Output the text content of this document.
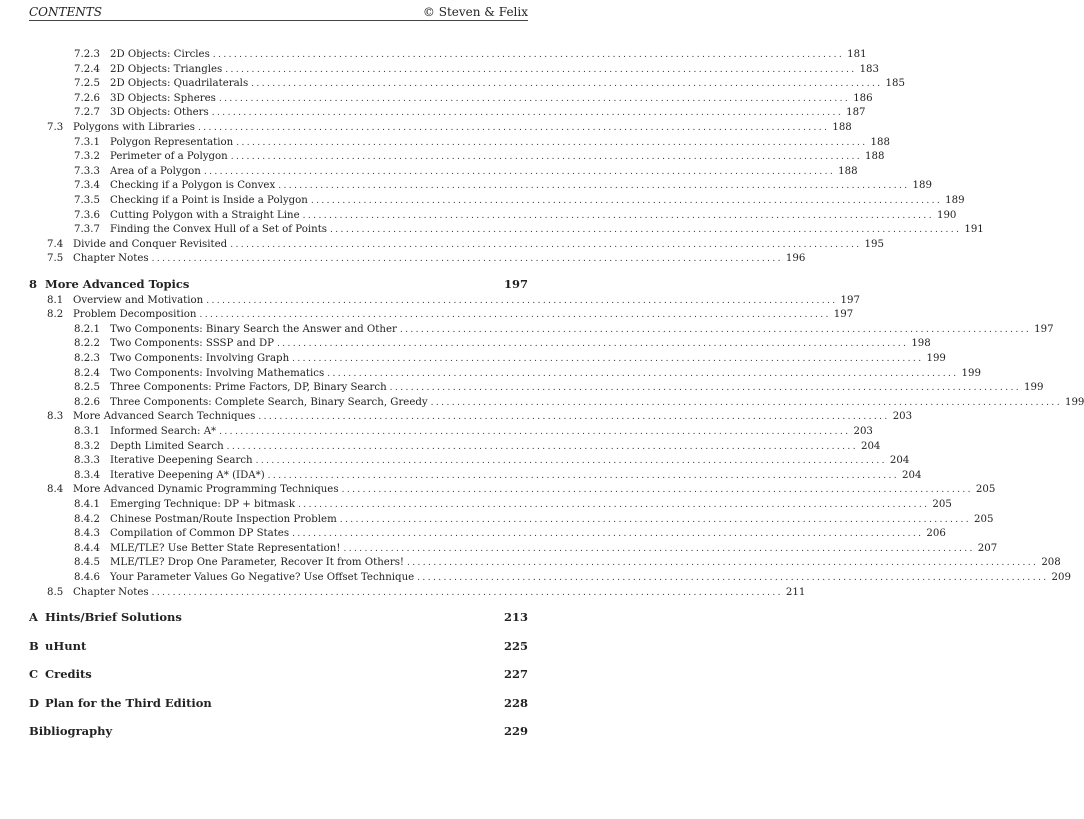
CONTENTS	© Steven & Felix
7.2.3 2D Objects: Circles ........................................................................................................................ 181
7.2.4 2D Objects: Triangles ........................................................................................................................ 183
7.2.5 2D Objects: Quadrilaterals ........................................................................................................................ 185
7.2.6 3D Objects: Spheres ........................................................................................................................ 186
7.2.7 3D Objects: Others ........................................................................................................................ 187
7.3 Polygons with Libraries ........................................................................................................................ 188
7.3.1 Polygon Representation ........................................................................................................................ 188
7.3.2 Perimeter of a Polygon ........................................................................................................................ 188
7.3.3 Area of a Polygon ........................................................................................................................ 188
7.3.4 Checking if a Polygon is Convex ........................................................................................................................ 189
7.3.5 Checking if a Point is Inside a Polygon ........................................................................................................................ 189
7.3.6 Cutting Polygon with a Straight Line ........................................................................................................................ 190
7.3.7 Finding the Convex Hull of a Set of Points ........................................................................................................................ 191
7.4 Divide and Conquer Revisited ........................................................................................................................ 195
7.5 Chapter Notes ........................................................................................................................ 196
8 More Advanced Topics	197
8.1 Overview and Motivation ........................................................................................................................ 197
8.2 Problem Decomposition ........................................................................................................................ 197
8.2.1 Two Components: Binary Search the Answer and Other ........................................................................................................................ 197
8.2.2 Two Components: SSSP and DP ........................................................................................................................ 198
8.2.3 Two Components: Involving Graph ........................................................................................................................ 199
8.2.4 Two Components: Involving Mathematics ........................................................................................................................ 199
8.2.5 Three Components: Prime Factors, DP, Binary Search ........................................................................................................................ 199
8.2.6 Three Components: Complete Search, Binary Search, Greedy ........................................................................................................................ 199
8.3 More Advanced Search Techniques ........................................................................................................................ 203
8.3.1 Informed Search: A* ........................................................................................................................ 203
8.3.2 Depth Limited Search ........................................................................................................................ 204
8.3.3 Iterative Deepening Search ........................................................................................................................ 204
8.3.4 Iterative Deepening A* (IDA*) ........................................................................................................................ 204
8.4 More Advanced Dynamic Programming Techniques ........................................................................................................................ 205
8.4.1 Emerging Technique: DP + bitmask ........................................................................................................................ 205
8.4.2 Chinese Postman/Route Inspection Problem ........................................................................................................................ 205
8.4.3 Compilation of Common DP States ........................................................................................................................ 206
8.4.4 MLE/TLE? Use Better State Representation! ........................................................................................................................ 207
8.4.5 MLE/TLE? Drop One Parameter, Recover It from Others! ........................................................................................................................ 208
8.4.6 Your Parameter Values Go Negative? Use Offset Technique ........................................................................................................................ 209
8.5 Chapter Notes ........................................................................................................................ 211
A Hints/Brief Solutions	213
B uHunt	225
C Credits	227
D Plan for the Third Edition	228
Bibliography	229
